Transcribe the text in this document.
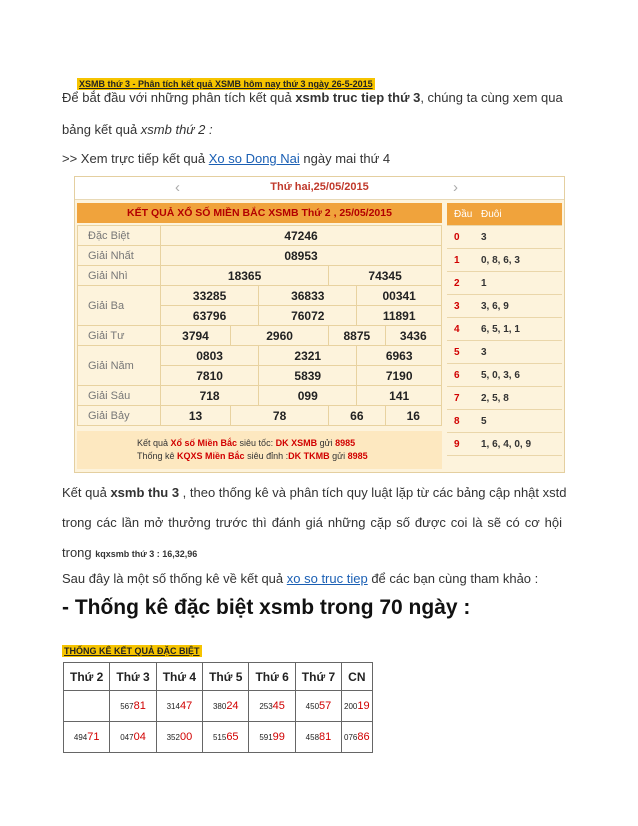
XSMB thứ 3 - Phân tích kết quả XSMB hôm nay thứ 3 ngày 26-5-2015
Để bắt đầu với những phân tích kết quả xsmb truc tiep thứ 3, chúng ta cùng xem qua
bảng kết quả xsmb thứ 2 :
>> Xem trực tiếp kết quả Xo so Dong Nai ngày mai thứ 4
‹	Thứ hai,25/05/2015	›
KẾT QUẢ XỔ SỐ MIỀN BẮC XSMB Thứ 2 , 25/05/2015
Đặc Biệt	47246					
Giải Nhất	08953					
Giải Nhì	18365			74345		
Giải Ba	33285		36833		00341	
	63796		76072		11891	
Giải Tư	3794	2960		8875		3436
Giải Năm	0803		2321		6963	
	7810		5839		7190	
Giải Sáu	718		099		141	
Giải Bảy	13	78		66		16
Kết quả Xổ số Miền Bắc siêu tốc: DK XSMB gửi 8985
Thống kê KQXS Miền Bắc siêu đỉnh :DK TKMB gửi 8985
Đầu	Đuôi
0	3
1	0, 8, 6, 3
2	1
3	3, 6, 9
4	6, 5, 1, 1
5	3
6	5, 0, 3, 6
7	2, 5, 8
8	5
9	1, 6, 4, 0, 9
Kết quả xsmb thu 3 , theo thống kê và phân tích quy luật lặp từ các bảng cập nhật xstd
trong các lần mở thưởng trước thì đánh giá những cặp số được coi là sẽ có cơ hội
trong kqxsmb thứ 3 : 16,32,96
Sau đây là một số thống kê về kết quả xo so truc tiep để các bạn cùng tham khảo :
- Thống kê đặc biệt xsmb trong 70 ngày :
THỐNG KÊ KẾT QUẢ ĐẶC BIỆT
Thứ 2	Thứ 3	Thứ 4	Thứ 5	Thứ 6	Thứ 7	CN
	56781	31447	38024	25345	45057	20019
49471	04704	35200	51565	59199	45881	07686
